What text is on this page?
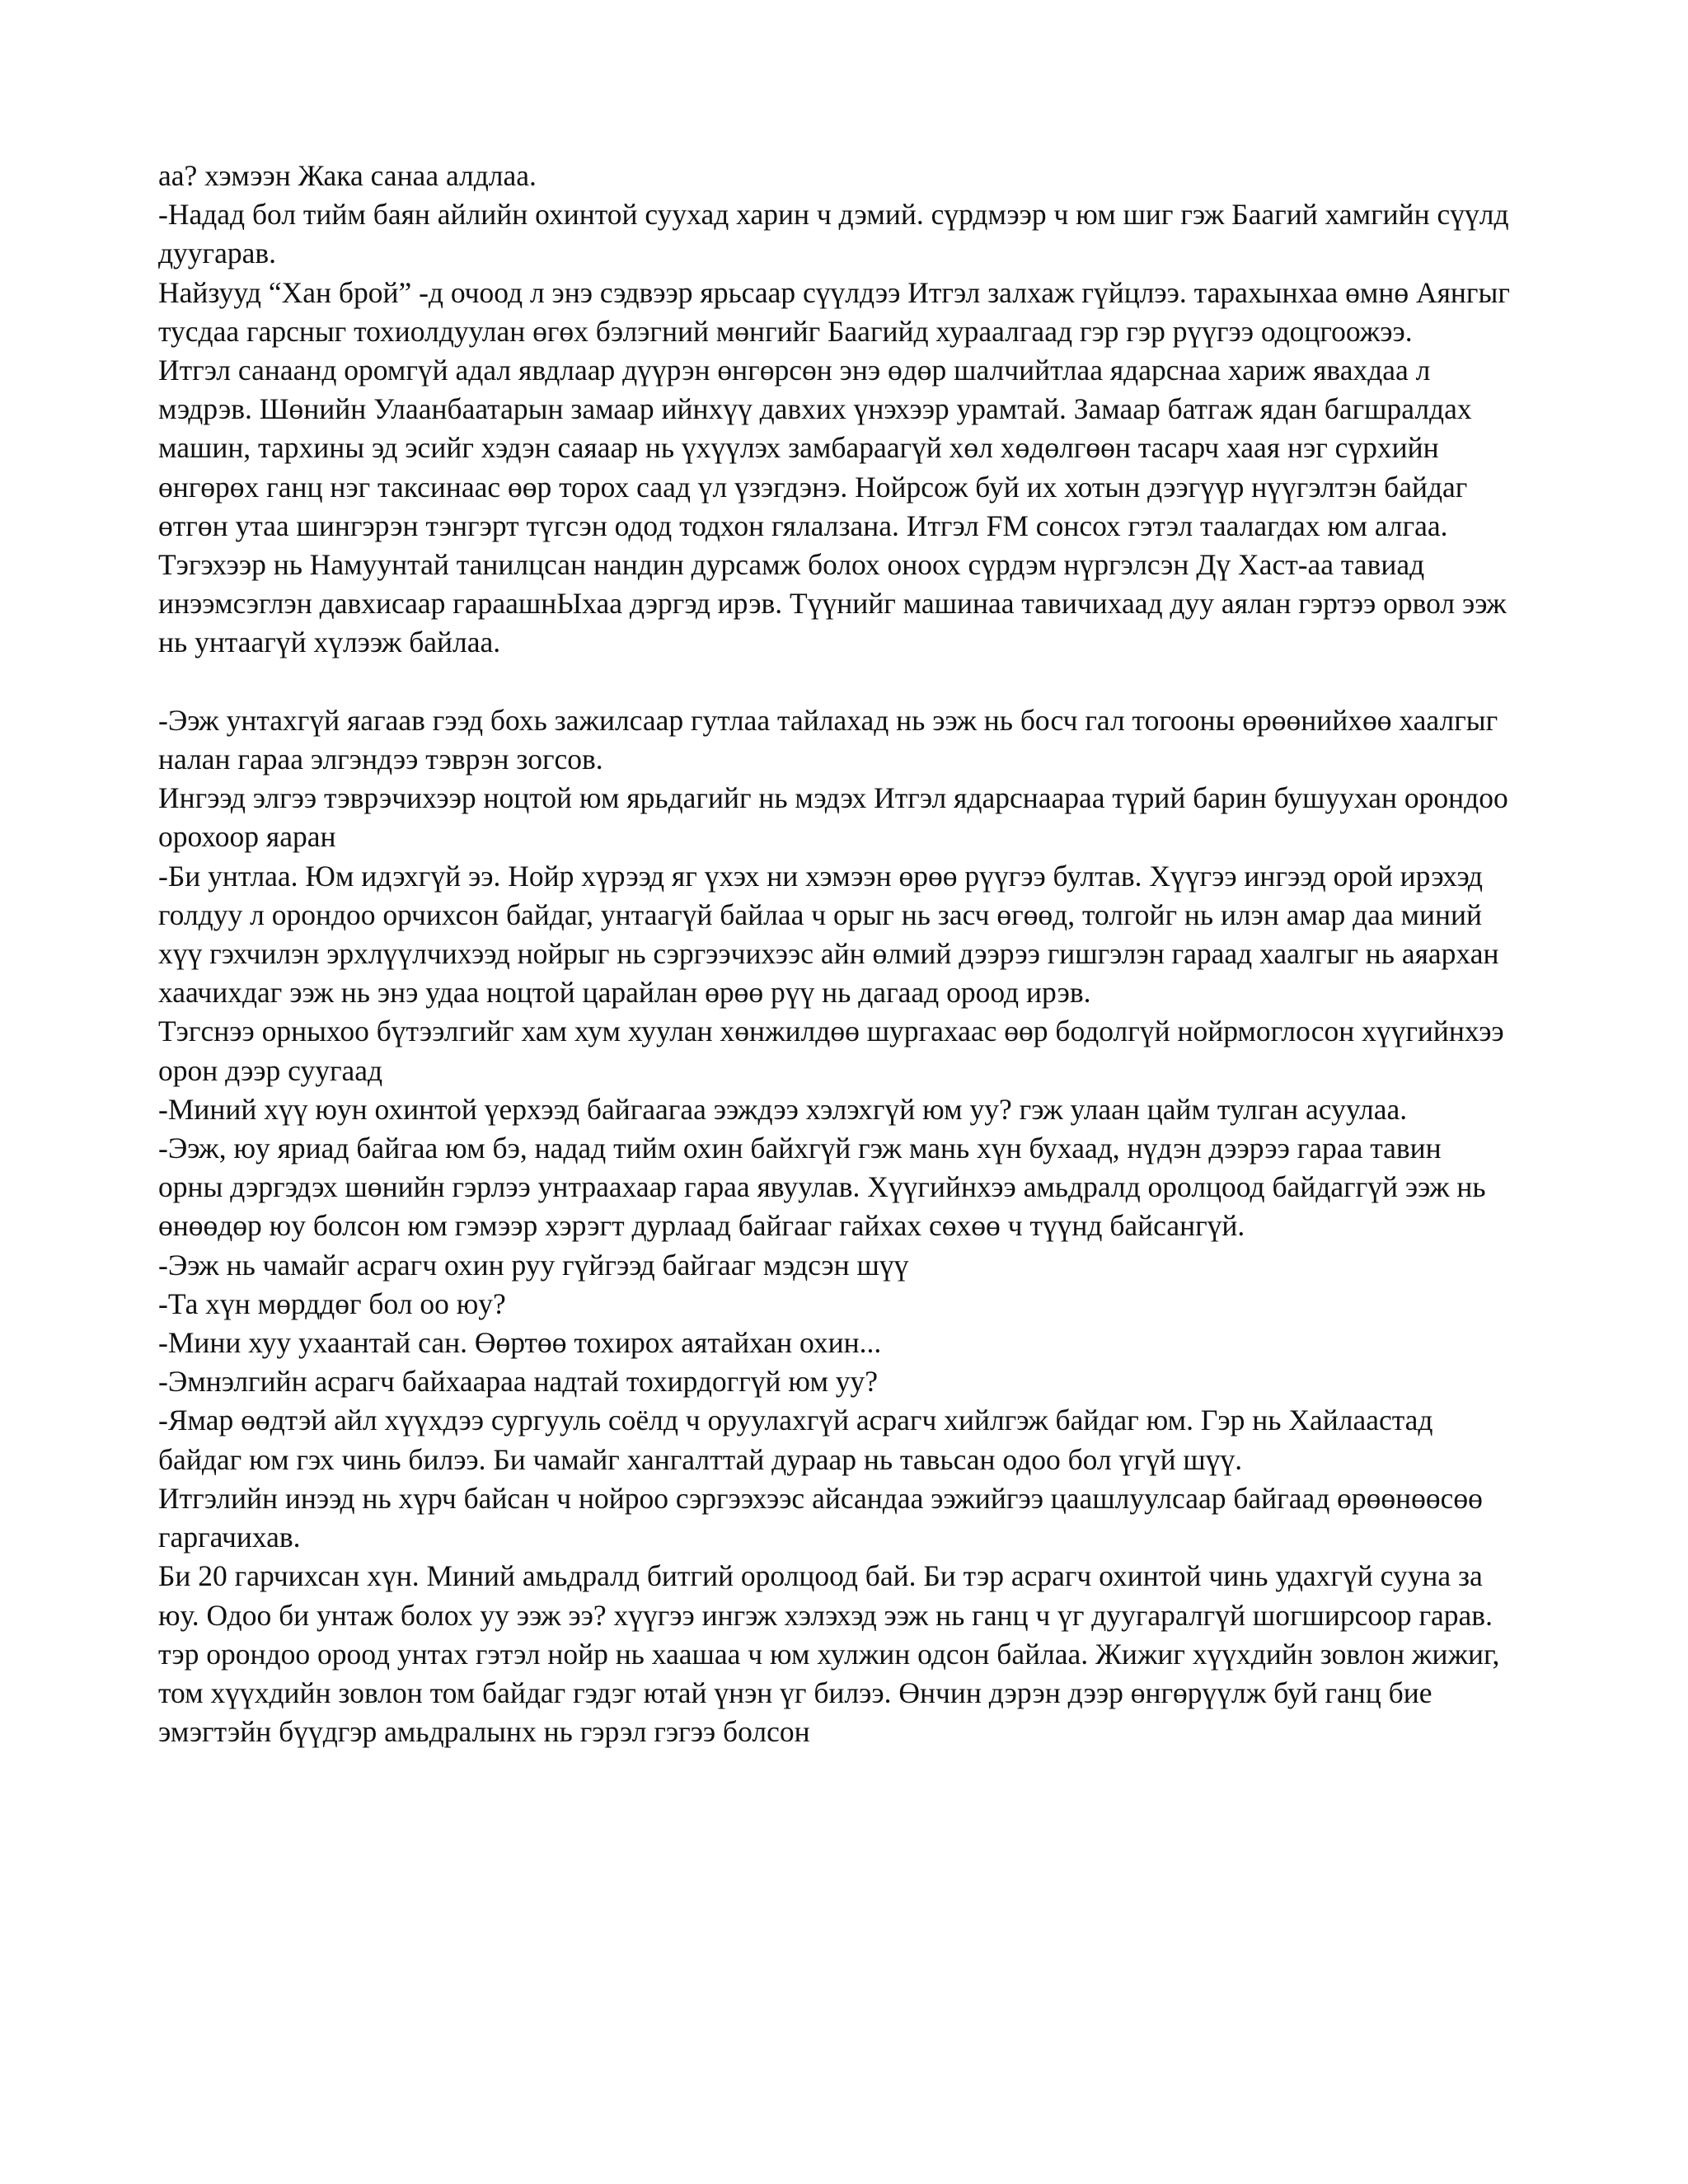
аа? хэмээн Жака санаа алдлаа.

-Надад бол тийм баян айлийн охинтой суухад харин ч дэмий. сүрдмээр ч юм шиг гэж Баагий хамгийн сүүлд дуугарав.

Найзууд “Хан брой” -д очоод л энэ сэдвээр ярьсаар сүүлдээ Итгэл залхаж гүйцлээ. тарахынхаа өмнө Аянгыг тусдаа гарсныг тохиолдуулан өгөх бэлэгний мөнгийг Баагийд хураалгаад гэр гэр рүүгээ одоцгоожээ.

Итгэл санаанд оромгүй адал явдлаар дүүрэн өнгөрсөн энэ өдөр шалчийтлаа ядарснаа хариж явахдаа л мэдрэв. Шөнийн Улаанбаатарын замаар ийнхүү давхих үнэхээр урамтай. Замаар батгаж ядан багшралдах машин, тархины эд эсийг хэдэн саяаар нь үхүүлэх замбараагүй хөл хөдөлгөөн тасарч хаая нэг сүрхийн өнгөрөх ганц нэг таксинаас өөр торох саад үл үзэгдэнэ. Нойрсож буй их хотын дээгүүр нүүгэлтэн байдаг өтгөн утаа шингэрэн тэнгэрт түгсэн одод тодхон гялалзана. Итгэл FM сонсох гэтэл таалагдах юм алгаа. Тэгэхээр нь Намуунтай танилцсан нандин дурсамж болох оноох сүрдэм нүргэлсэн Дү Хаст-аа тавиад инээмсэглэн давхисаар гараашнЫхаа дэргэд ирэв. Түүнийг машинаа тавичихаад дуу аялан гэртээ орвол ээж нь унтаагүй хүлээж байлаа.

-Ээж унтахгүй яагаав гээд бохь зажилсаар гутлаа тайлахад нь ээж нь босч гал тогооны өрөөнийхөө хаалгыг налан гараа элгэндээ тэврэн зогсов.

Ингээд элгээ тэврэчихээр ноцтой юм ярьдагийг нь мэдэх Итгэл ядарснаараа түрий барин бушуухан орондоо орохоор яаран

-Би унтлаа. Юм идэхгүй ээ. Нойр хүрээд яг үхэх ни хэмээн өрөө рүүгээ бултав. Хүүгээ ингээд орой ирэхэд голдуу л орондоо орчихсон байдаг, унтаагүй байлаа ч орыг нь засч өгөөд, толгойг нь илэн амар даа миний хүү гэхчилэн эрхлүүлчихээд нойрыг нь сэргээчихээс айн өлмий дээрээ гишгэлэн гараад хаалгыг нь аяархан хаачихдаг ээж нь энэ удаа ноцтой царайлан өрөө рүү нь дагаад ороод ирэв.

Тэгснээ орныхоо бүтээлгийг хам хум хуулан хөнжилдөө шургахаас өөр бодолгүй нойрмоглосон хүүгийнхээ орон дээр суугаад

-Миний хүү юун охинтой үерхээд байгаагаа ээждээ хэлэхгүй юм уу? гэж улаан цайм тулган асуулаа.

-Ээж, юу яриад байгаа юм бэ, надад тийм охин байхгүй гэж мань хүн бухаад, нүдэн дээрээ гараа тавин орны дэргэдэх шөнийн гэрлээ унтраахаар гараа явуулав. Хүүгийнхээ амьдралд оролцоод байдаггүй ээж нь өнөөдөр юу болсон юм гэмээр хэрэгт дурлаад байгааг гайхах сөхөө ч түүнд байсангүй.

-Ээж нь чамайг асрагч охин руу гүйгээд байгааг мэдсэн шүү

-Та хүн мөрддөг бол оо юу?

-Мини хуу ухаантай сан. Өөртөө тохирох аятайхан охин...

-Эмнэлгийн асрагч байхаараа надтай тохирдоггүй юм уу?

-Ямар өөдтэй айл хүүхдээ сургууль соёлд ч оруулахгүй асрагч хийлгэж байдаг юм. Гэр нь Хайлаастад байдаг юм гэх чинь билээ. Би чамайг хангалттай дураар нь тавьсан одоо бол үгүй шүү.

Итгэлийн инээд нь хүрч байсан ч нойроо сэргээхээс айсандаа ээжийгээ цаашлуулсаар байгаад өрөөнөөсөө гаргачихав.

Би 20 гарчихсан хүн. Миний амьдралд битгий оролцоод бай. Би тэр асрагч охинтой чинь удахгүй сууна за юу. Одоо би унтаж болох уу ээж ээ? хүүгээ ингэж хэлэхэд ээж нь ганц ч үг дуугаралгүй шогширсоор гарав. тэр орондоо ороод унтах гэтэл нойр нь хаашаа ч юм хулжин одсон байлаа. Жижиг хүүхдийн зовлон жижиг, том хүүхдийн зовлон том байдаг гэдэг ютай үнэн үг билээ. Өнчин дэрэн дээр өнгөрүүлж буй ганц бие эмэгтэйн бүүдгэр амьдралынх нь гэрэл гэгээ болсон
